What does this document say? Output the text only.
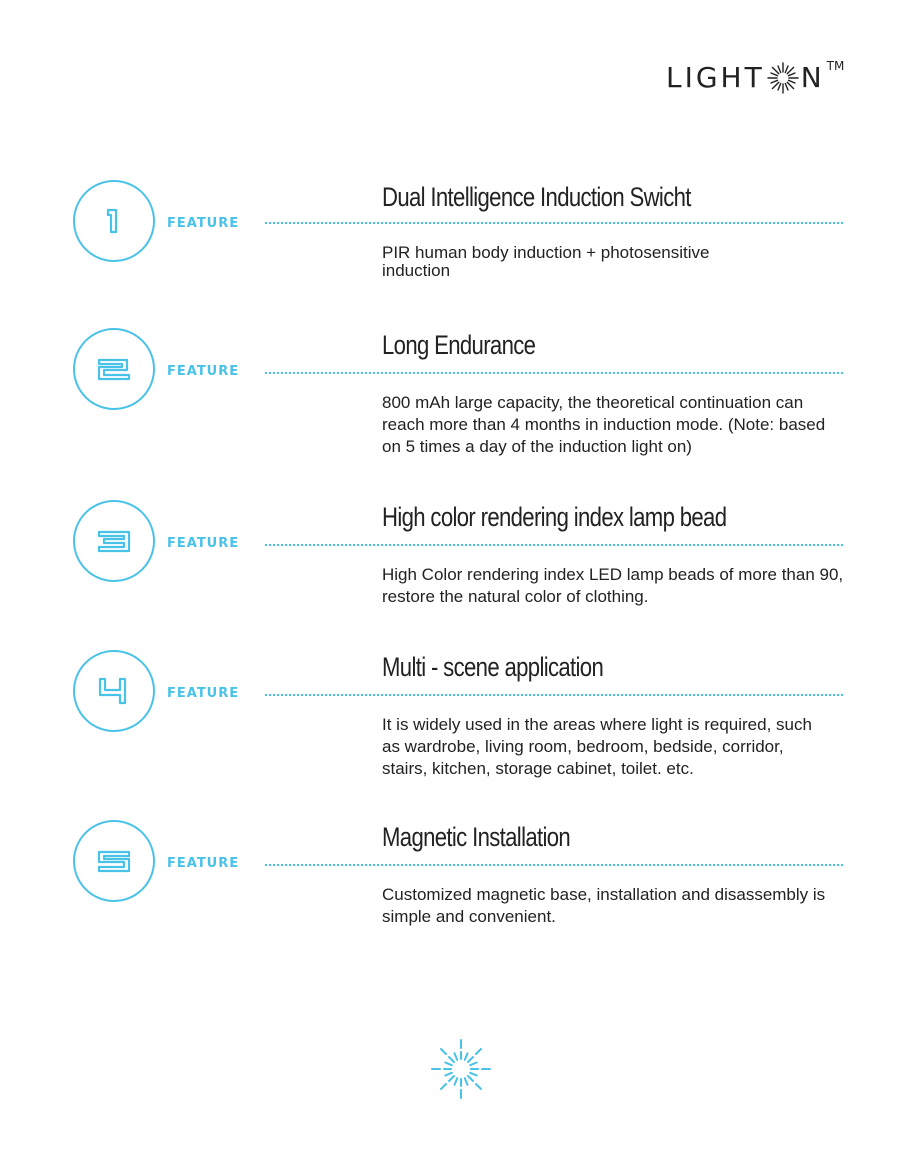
LIGHT N TM
FEATURE
Dual Intelligence Induction Swicht
PIR human body induction + photosensitive induction
FEATURE
Long Endurance
800 mAh large capacity, the theoretical continuation can reach more than 4 months in induction mode. (Note: based on 5 times a day of the induction light on)
FEATURE
High color rendering index lamp bead
High Color rendering index LED lamp beads of more than 90, restore the natural color of clothing.
FEATURE
Multi - scene application
It is widely used in the areas where light is required, such as wardrobe, living room, bedroom, bedside, corridor, stairs, kitchen, storage cabinet, toilet. etc.
FEATURE
Magnetic Installation
Customized magnetic base, installation and disassembly is simple and convenient.
